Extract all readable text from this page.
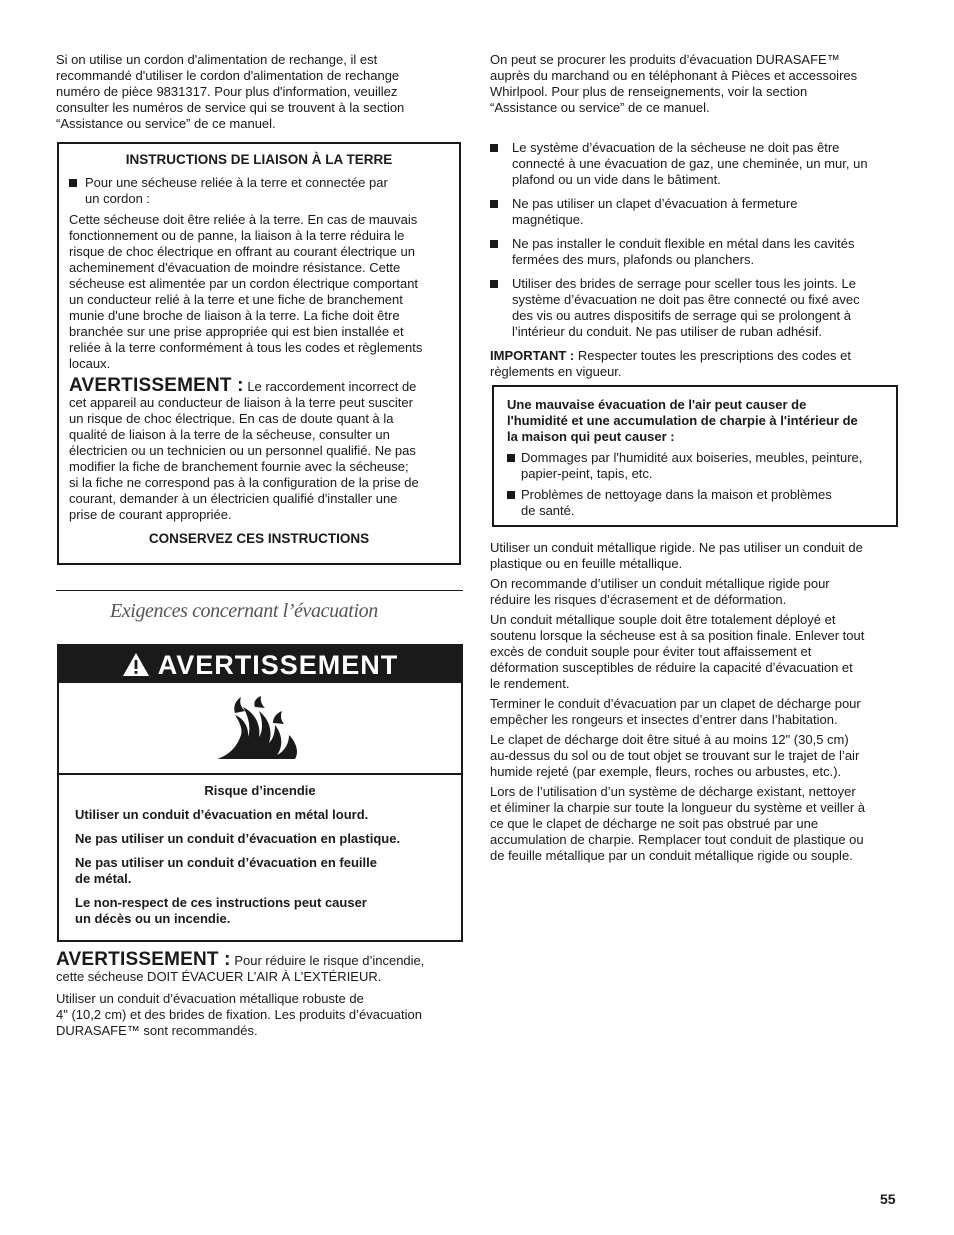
Si on utilise un cordon d'alimentation de rechange, il est
recommandé d'utiliser le cordon d'alimentation de rechange
numéro de pièce 9831317. Pour plus d'information, veuillez
consulter les numéros de service qui se trouvent à la section
“Assistance ou service” de ce manuel.

INSTRUCTIONS DE LIAISON À LA TERRE
Pour une sécheuse reliée à la terre et connectée par
un cordon :

Cette sécheuse doit être reliée à la terre. En cas de mauvais
fonctionnement ou de panne, la liaison à la terre réduira le
risque de choc électrique en offrant au courant électrique un
acheminement d'évacuation de moindre résistance. Cette
sécheuse est alimentée par un cordon électrique comportant
un conducteur relié à la terre et une fiche de branchement
munie d'une broche de liaison à la terre. La fiche doit être
branchée sur une prise appropriée qui est bien installée et
reliée à la terre conformément à tous les codes et règlements
locaux.

AVERTISSEMENT : Le raccordement incorrect de
cet appareil au conducteur de liaison à la terre peut susciter
un risque de choc électrique. En cas de doute quant à la
qualité de liaison à la terre de la sécheuse, consulter un
électricien ou un technicien ou un personnel qualifié. Ne pas
modifier la fiche de branchement fournie avec la sécheuse;
si la fiche ne correspond pas à la configuration de la prise de
courant, demander à un électricien qualifié d'installer une
prise de courant appropriée.

CONSERVEZ CES INSTRUCTIONS
Exigences concernant l’évacuation
AVERTISSEMENT
Risque d’incendie

Utiliser un conduit d’évacuation en métal lourd.

Ne pas utiliser un conduit d’évacuation en plastique.

Ne pas utiliser un conduit d’évacuation en feuille
de métal.

Le non-respect de ces instructions peut causer
un décès ou un incendie.

AVERTISSEMENT : Pour réduire le risque d’incendie,
cette sécheuse DOIT ÉVACUER L’AIR À L’EXTÉRIEUR.

Utiliser un conduit d’évacuation métallique robuste de
4" (10,2 cm) et des brides de fixation. Les produits d’évacuation
DURASAFE™ sont recommandés.

On peut se procurer les produits d’évacuation DURASAFE™
auprès du marchand ou en téléphonant à Pièces et accessoires
Whirlpool. Pour plus de renseignements, voir la section
“Assistance ou service” de ce manuel.

Le système d’évacuation de la sécheuse ne doit pas être
connecté à une évacuation de gaz, une cheminée, un mur, un
plafond ou un vide dans le bâtiment.
Ne pas utiliser un clapet d’évacuation à fermeture
magnétique.
Ne pas installer le conduit flexible en métal dans les cavités
fermées des murs, plafonds ou planchers.
Utiliser des brides de serrage pour sceller tous les joints. Le
système d’évacuation ne doit pas être connecté ou fixé avec
des vis ou autres dispositifs de serrage qui se prolongent à
l’intérieur du conduit. Ne pas utiliser de ruban adhésif.

IMPORTANT : Respecter toutes les prescriptions des codes et
règlements en vigueur.

Une mauvaise évacuation de l'air peut causer de
l'humidité et une accumulation de charpie à l'intérieur de
la maison qui peut causer :
Dommages par l'humidité aux boiseries, meubles, peinture,
papier-peint, tapis, etc.
Problèmes de nettoyage dans la maison et problèmes
de santé.

Utiliser un conduit métallique rigide. Ne pas utiliser un conduit de
plastique ou en feuille métallique.

On recommande d’utiliser un conduit métallique rigide pour
réduire les risques d’écrasement et de déformation.

Un conduit métallique souple doit être totalement déployé et
soutenu lorsque la sécheuse est à sa position finale. Enlever tout
excès de conduit souple pour éviter tout affaissement et
déformation susceptibles de réduire la capacité d’évacuation et
le rendement.

Terminer le conduit d’évacuation par un clapet de décharge pour
empêcher les rongeurs et insectes d’entrer dans l’habitation.

Le clapet de décharge doit être situé à au moins 12" (30,5 cm)
au-dessus du sol ou de tout objet se trouvant sur le trajet de l’air
humide rejeté (par exemple, fleurs, roches ou arbustes, etc.).

Lors de l’utilisation d’un système de décharge existant, nettoyer
et éliminer la charpie sur toute la longueur du système et veiller à
ce que le clapet de décharge ne soit pas obstrué par une
accumulation de charpie. Remplacer tout conduit de plastique ou
de feuille métallique par un conduit métallique rigide ou souple.

55
